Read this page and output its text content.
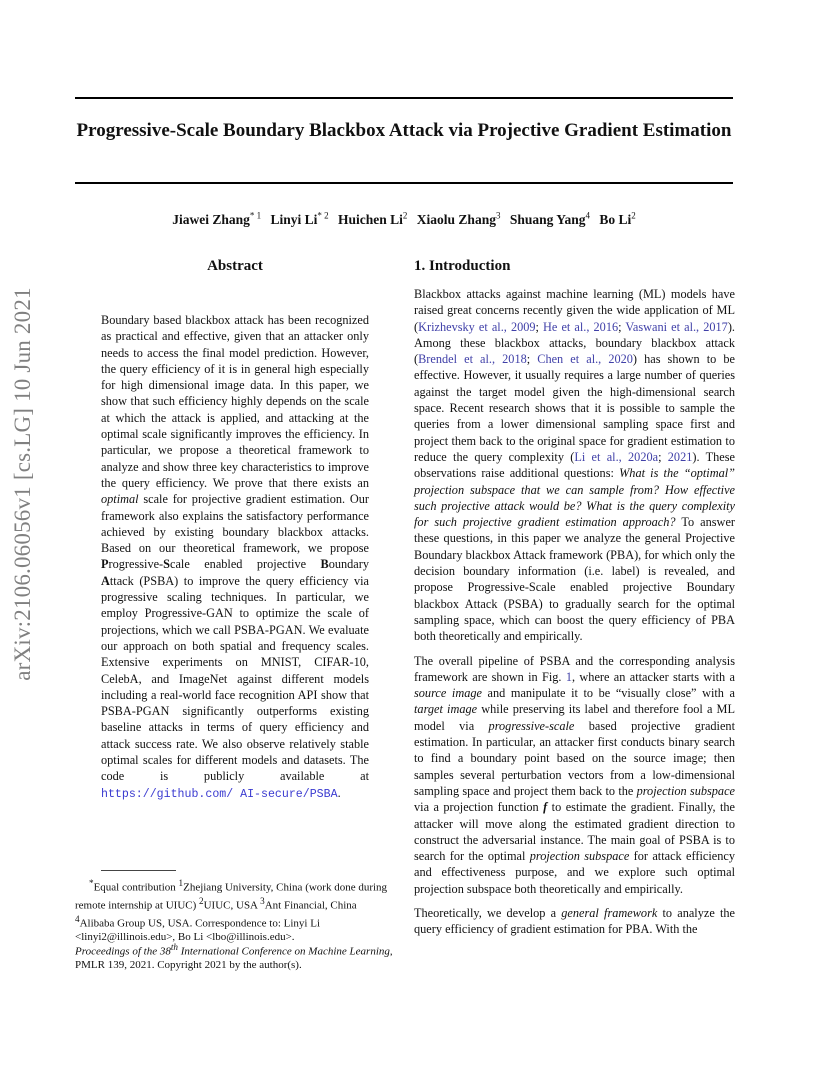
Progressive-Scale Boundary Blackbox Attack via Projective Gradient Estimation
Jiawei Zhang$^{* 1}$ Linyi Li$^{* 2}$ Huichen Li$^2$ Xiaolu Zhang$^3$ Shuang Yang$^4$ Bo Li$^2$
arXiv:2106.06056v1 [cs.LG] 10 Jun 2021
Abstract

Boundary based blackbox attack has been recognized as practical and effective, given that an attacker only needs to access the final model prediction. However, the query efficiency of it is in general high especially for high dimensional image data. In this paper, we show that such efficiency highly depends on the scale at which the attack is applied, and attacking at the optimal scale significantly improves the efficiency. In particular, we propose a theoretical framework to analyze and show three key characteristics to improve the query efficiency. We prove that there exists an optimal scale for projective gradient estimation. Our framework also explains the satisfactory performance achieved by existing boundary blackbox attacks. Based on our theoretical framework, we propose Progressive-Scale enabled projective Boundary Attack (PSBA) to improve the query efficiency via progressive scaling techniques. In particular, we employ Progressive-GAN to optimize the scale of projections, which we call PSBA-PGAN. We evaluate our approach on both spatial and frequency scales. Extensive experiments on MNIST, CIFAR-10, CelebA, and ImageNet against different models including a real-world face recognition API show that PSBA-PGAN significantly outperforms existing baseline attacks in terms of query efficiency and attack success rate. We also observe relatively stable optimal scales for different models and datasets. The code is publicly available at https://github.com/ AI-secure/PSBA.

*Equal contribution $^1$Zhejiang University, China (work done during remote internship at UIUC) $^2$UIUC, USA $^3$Ant Financial, China $^4$Alibaba Group US, USA. Correspondence to: Linyi Li <linyi2@illinois.edu>, Bo Li <lbo@illinois.edu>.
Proceedings of the 38th International Conference on Machine Learning, PMLR 139, 2021. Copyright 2021 by the author(s).
1. Introduction

Blackbox attacks against machine learning (ML) models have raised great concerns recently given the wide application of ML (Krizhevsky et al., 2009; He et al., 2016; Vaswani et al., 2017). Among these blackbox attacks, boundary blackbox attack (Brendel et al., 2018; Chen et al., 2020) has shown to be effective. However, it usually requires a large number of queries against the target model given the high-dimensional search space. Recent research shows that it is possible to sample the queries from a lower dimensional sampling space first and project them back to the original space for gradient estimation to reduce the query complexity (Li et al., 2020a; 2021). These observations raise additional questions: What is the “optimal” projection subspace that we can sample from? How effective such projective attack would be? What is the query complexity for such projective gradient estimation approach? To answer these questions, in this paper we analyze the general Projective Boundary blackbox Attack framework (PBA), for which only the decision boundary information (i.e. label) is revealed, and propose Progressive-Scale enabled projective Boundary blackbox Attack (PSBA) to gradually search for the optimal sampling space, which can boost the query efficiency of PBA both theoretically and empirically.

The overall pipeline of PSBA and the corresponding analysis framework are shown in Fig. 1, where an attacker starts with a source image and manipulate it to be “visually close” with a target image while preserving its label and therefore fool a ML model via progressive-scale based projective gradient estimation. In particular, an attacker first conducts binary search to find a boundary point based on the source image; then samples several perturbation vectors from a low-dimensional sampling space and project them back to the projection subspace via a projection function f to estimate the gradient. Finally, the attacker will move along the estimated gradient direction to construct the adversarial instance. The main goal of PSBA is to search for the optimal projection subspace for attack efficiency and effectiveness purpose, and we explore such optimal projection subspace both theoretically and empirically.

Theoretically, we develop a general framework to analyze the query efficiency of gradient estimation for PBA. With the
